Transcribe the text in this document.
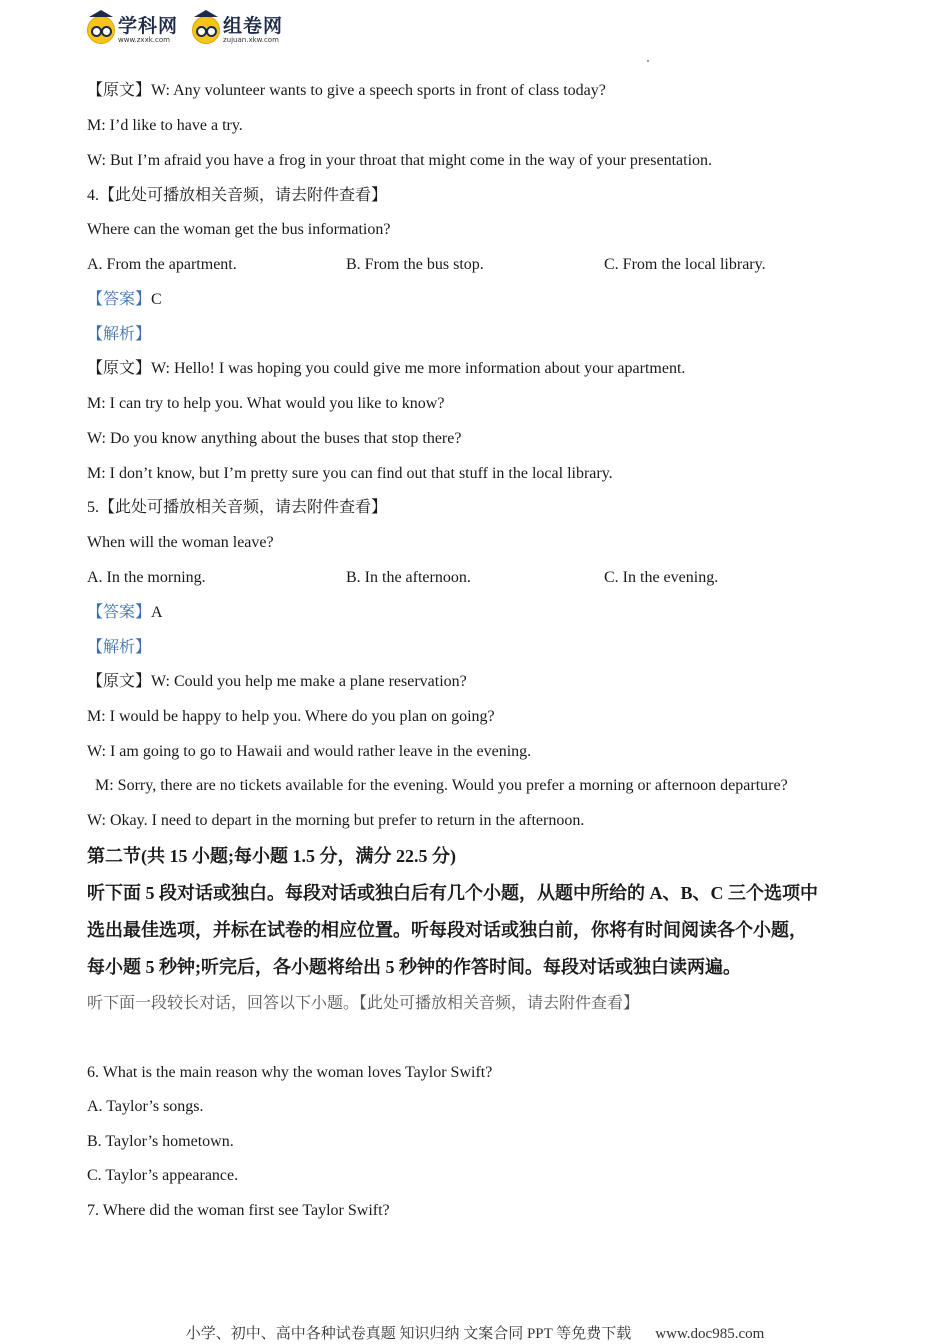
学科网
www.zxxk.com
组卷网
zujuan.xkw.com
【原文】W: Any volunteer wants to give a speech sports in front of class today?
M: I’d like to have a try.
W: But I’m afraid you have a frog in your throat that might come in the way of your presentation.
4.【此处可播放相关音频，请去附件查看】
Where can the woman get the bus information?
A. From the apartment.	B. From the bus stop.	C. From the local library.
【答案】C
【解析】
【原文】W: Hello! I was hoping you could give me more information about your apartment.
M: I can try to help you. What would you like to know?
W: Do you know anything about the buses that stop there?
M: I don’t know, but I’m pretty sure you can find out that stuff in the local library.
5.【此处可播放相关音频，请去附件查看】
When will the woman leave?
A. In the morning.	B. In the afternoon.	C. In the evening.
【答案】A
【解析】
【原文】W: Could you help me make a plane reservation?
M: I would be happy to help you. Where do you plan on going?
W: I am going to go to Hawaii and would rather leave in the evening.
M: Sorry, there are no tickets available for the evening. Would you prefer a morning or afternoon departure?
W: Okay. I need to depart in the morning but prefer to return in the afternoon.
第二节(共 15 小题;每小题 1.5 分，满分 22.5 分)
听下面 5 段对话或独白。每段对话或独白后有几个小题，从题中所给的 A、B、C 三个选项中
选出最佳选项，并标在试卷的相应位置。听每段对话或独白前，你将有时间阅读各个小题，
每小题 5 秒钟;听完后，各小题将给出 5 秒钟的作答时间。每段对话或独白读两遍。
听下面一段较长对话，回答以下小题。【此处可播放相关音频，请去附件查看】
6. What is the main reason why the woman loves Taylor Swift?
A. Taylor’s songs.
B. Taylor’s hometown.
C. Taylor’s appearance.
7. Where did the woman first see Taylor Swift?
小学、初中、高中各种试卷真题 知识归纳 文案合同 PPT 等免费下载 www.doc985.com
